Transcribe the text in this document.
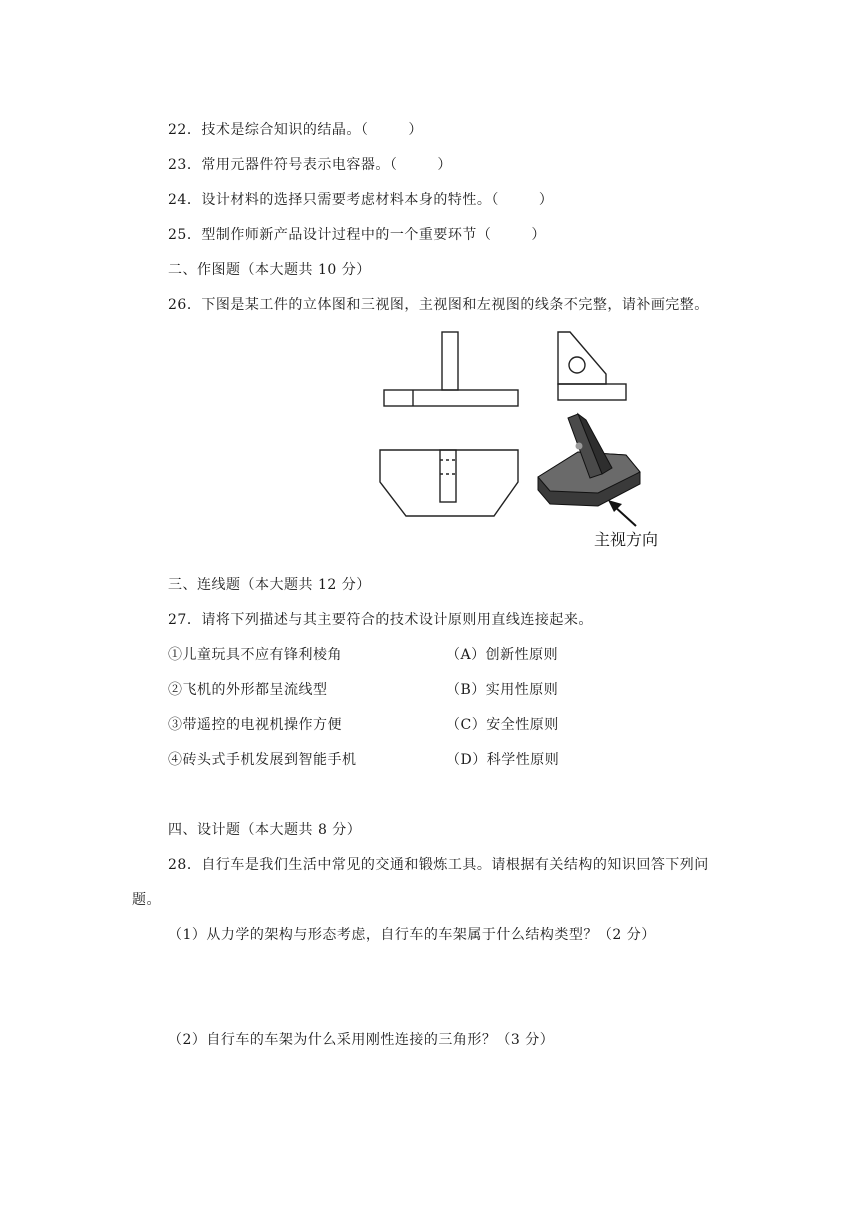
22．技术是综合知识的结晶。（	）
23．常用元器件符号表示电容器。（	）
24．设计材料的选择只需要考虑材料本身的特性。（	）
25．型制作师新产品设计过程中的一个重要环节（	）
二、作图题（本大题共 10 分）
26．下图是某工件的立体图和三视图，主视图和左视图的线条不完整，请补画完整。
主视方向
三、连线题（本大题共 12 分）
27．请将下列描述与其主要符合的技术设计原则用直线连接起来。
①儿童玩具不应有锋利棱角	（A）创新性原则
②飞机的外形都呈流线型	（B）实用性原则
③带遥控的电视机操作方便	（C）安全性原则
④砖头式手机发展到智能手机	（D）科学性原则
四、设计题（本大题共 8 分）
28．自行车是我们生活中常见的交通和锻炼工具。请根据有关结构的知识回答下列问
题。
（1）从力学的架构与形态考虑，自行车的车架属于什么结构类型？（2 分）
（2）自行车的车架为什么采用刚性连接的三角形？（3 分）
